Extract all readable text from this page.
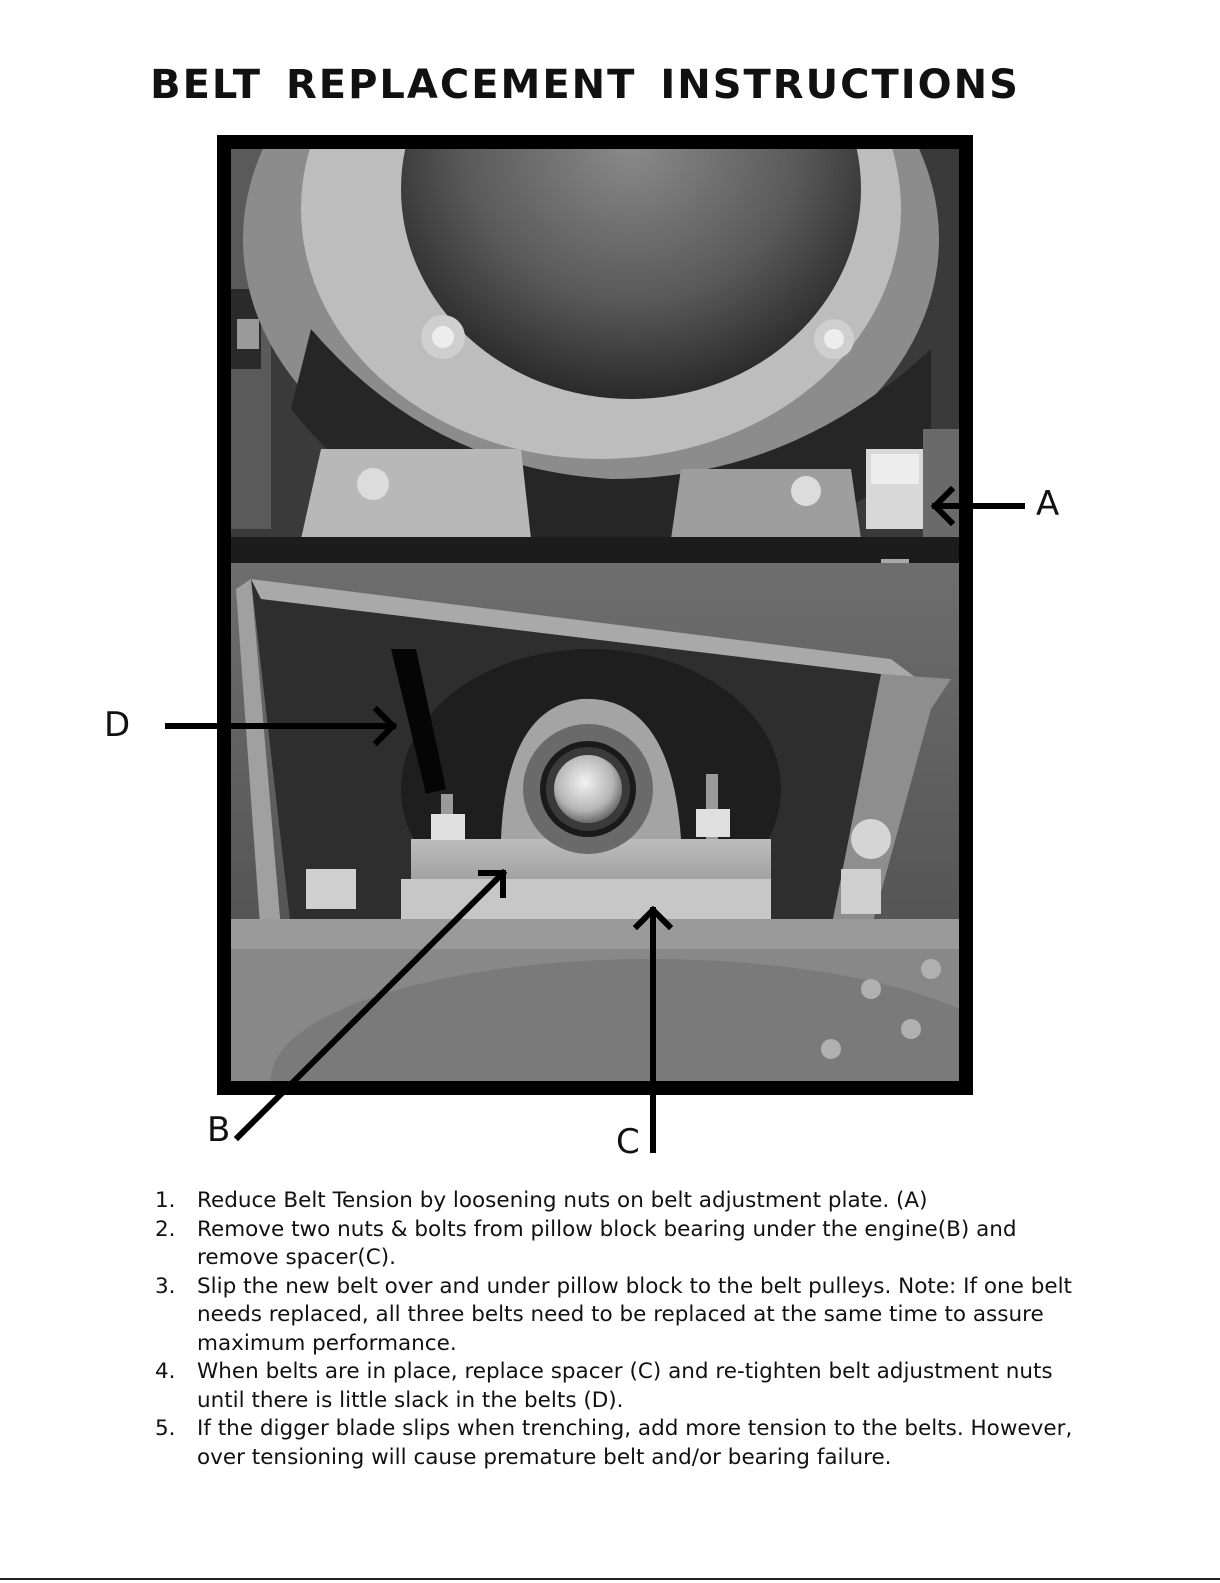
BELT REPLACEMENT INSTRUCTIONS
A
D
B	C
1. Reduce Belt Tension by loosening nuts on belt adjustment plate. (A)
2. Remove two nuts & bolts from pillow block bearing under the engine(B) and remove spacer(C).
3. Slip the new belt over and under pillow block to the belt pulleys. Note: If one belt needs replaced, all three belts need to be replaced at the same time to assure maximum performance.
4. When belts are in place, replace spacer (C) and re-tighten belt adjustment nuts until there is little slack in the belts (D).
5. If the digger blade slips when trenching, add more tension to the belts. However, over tensioning will cause premature belt and/or bearing failure.
